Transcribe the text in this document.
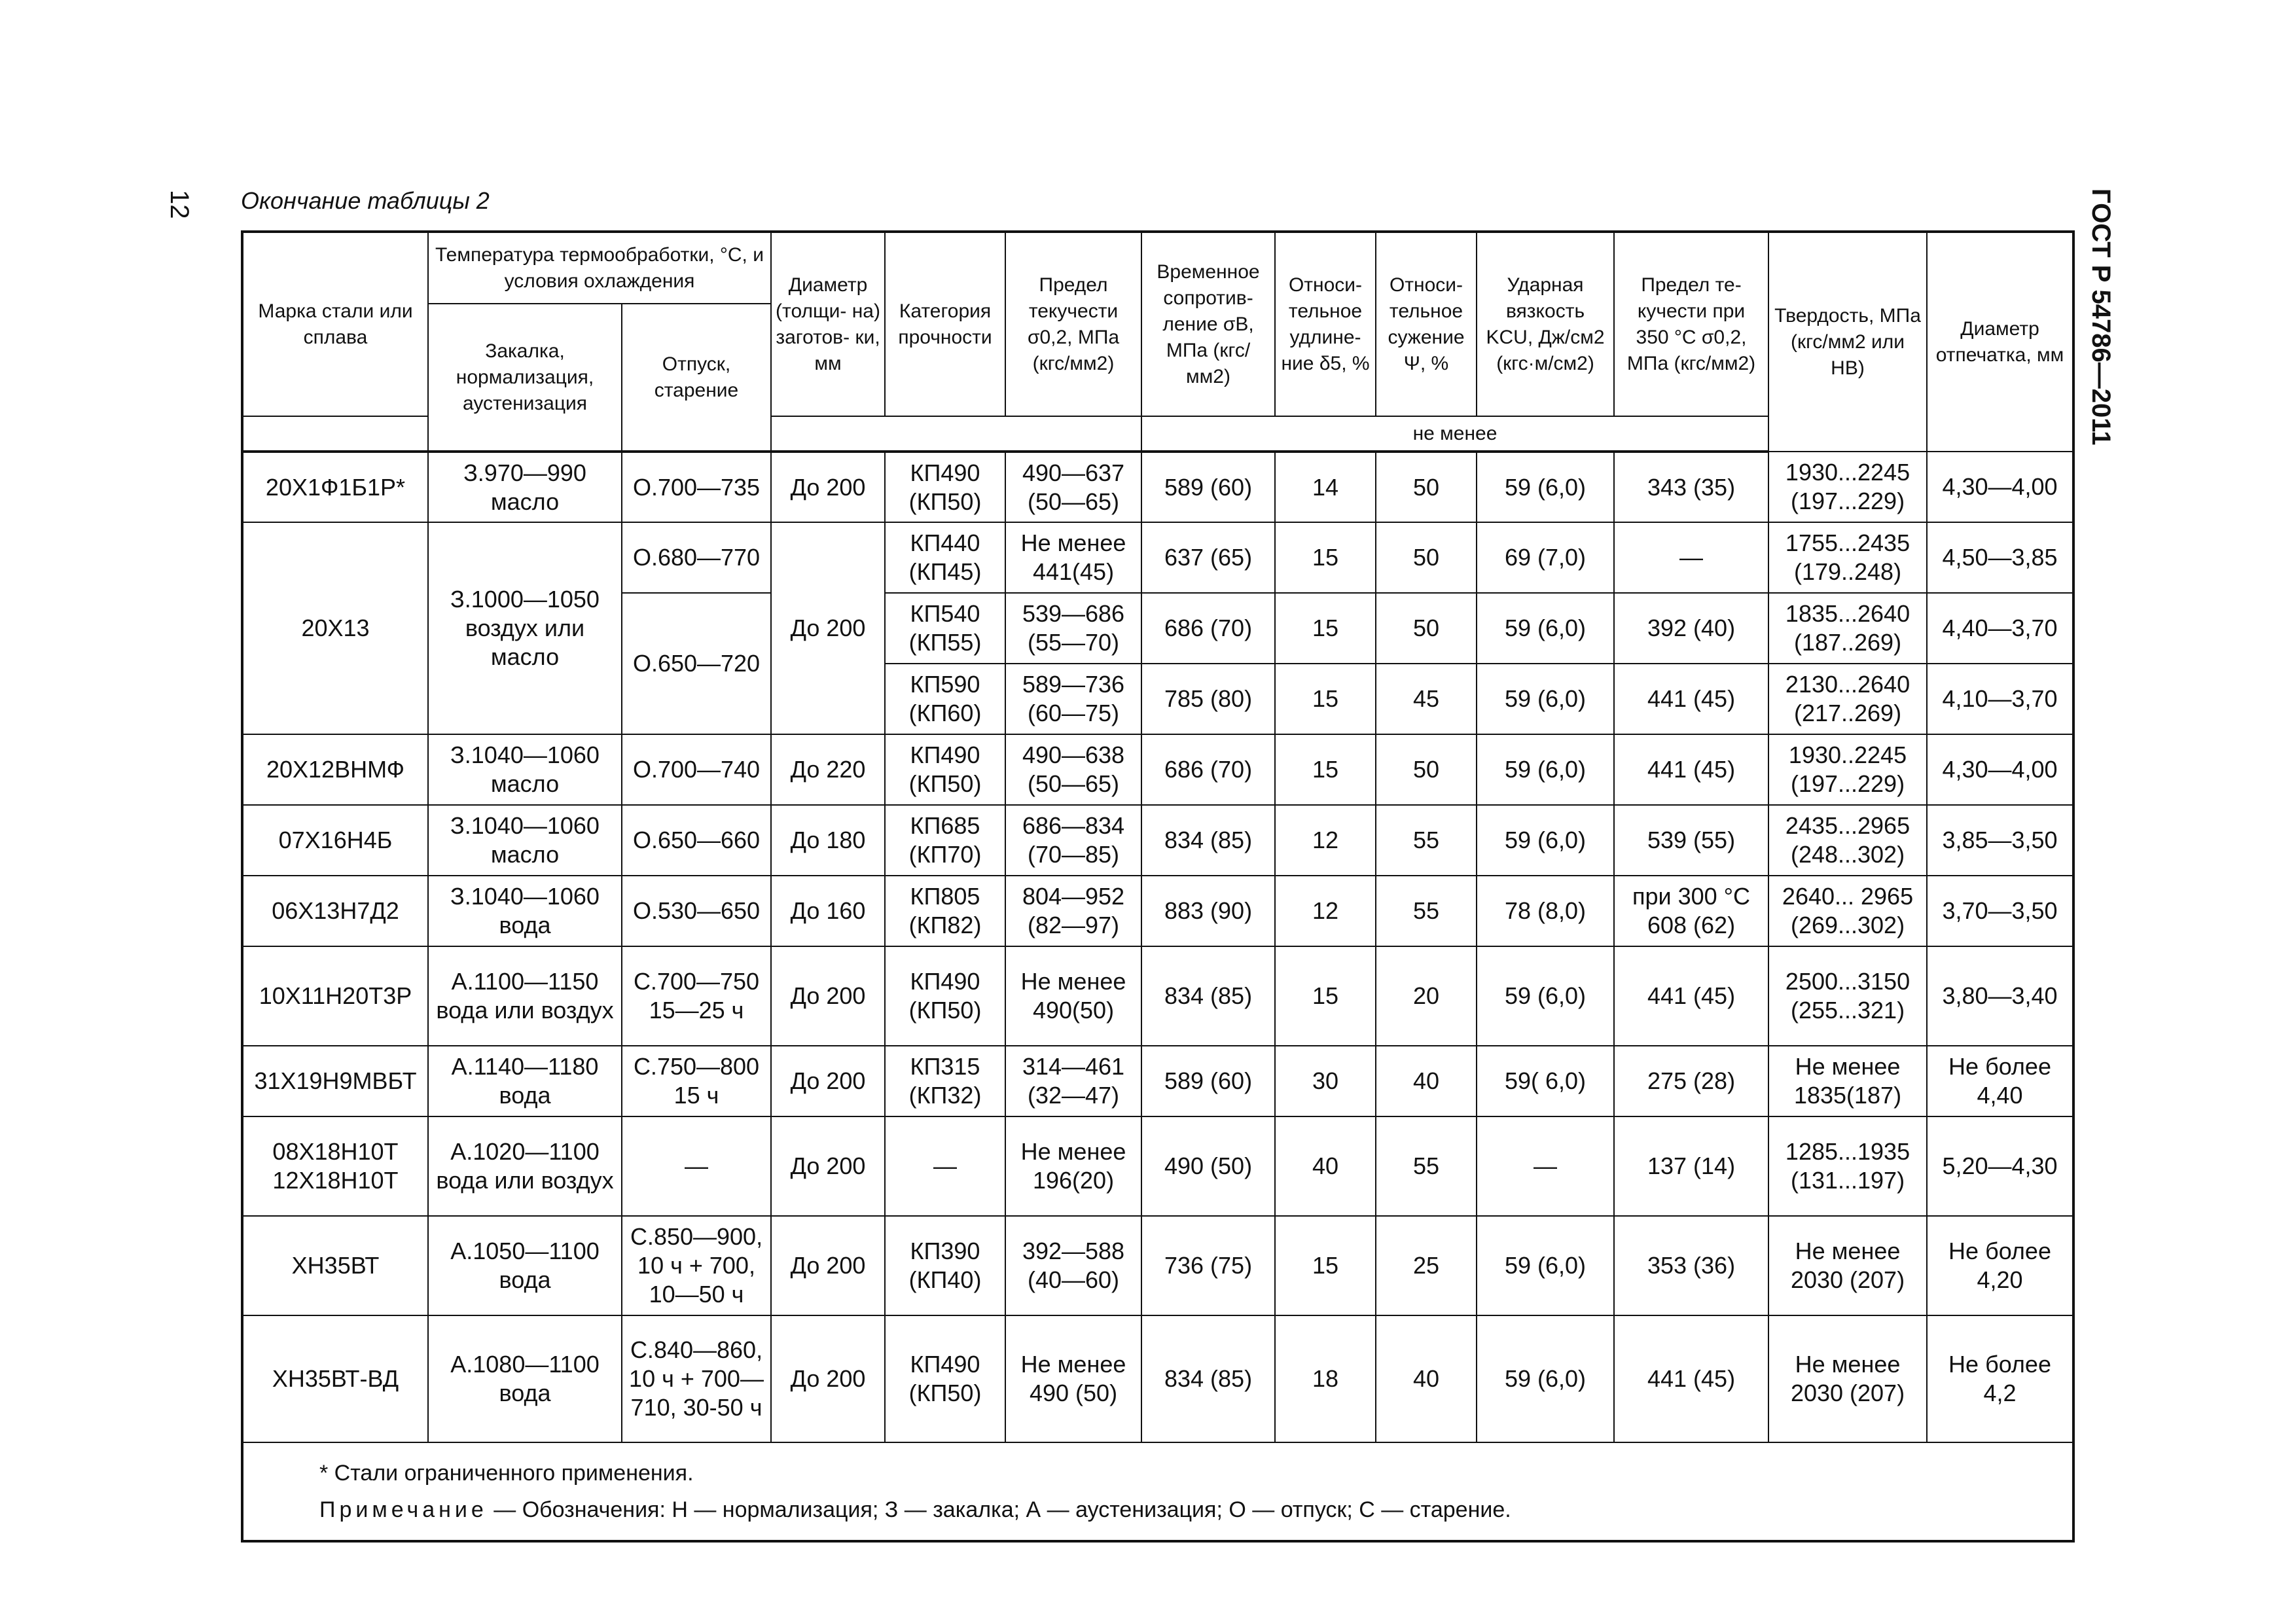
12 Окончание таблицы 2	ГОСТ Р 54786—2011
Марка стали или сплава	Температура термообработки, °C, и условия охлаждения		Диаметр (толщи- на) заготов- ки, мм	Категория прочности	Предел текучести σ0,2, МПа (кгс/мм2)	Временное сопротив- ление σВ, МПа (кгс/мм2)	Относи- тельное удлине- ние δ5, %	Относи- тельное сужение Ψ, %	Ударная вязкость KCU, Дж/см2 (кгс·м/см2)	Предел те- кучести при 350 °C σ0,2, МПа (кгс/мм2)	Твердость, МПа (кгс/мм2 или НВ)	Диаметр отпечатка, мм
	Закалка, нормализация, аустенизация	Отпуск, старение										
						не менее						
20Х1Ф1Б1Р*	З.970—990 масло	О.700—735	До 200	КП490 (КП50)	490—637 (50—65)	589 (60)	14	50	59 (6,0)	343 (35)	1930...2245 (197...229)	4,30—4,00
20Х13	З.1000—1050 воздух или масло	О.680—770	До 200	КП440 (КП45)	Не менее 441(45)	637 (65)	15	50	69 (7,0)	—	1755...2435 (179..248)	4,50—3,85
		О.650—720		КП540 (КП55)	539—686 (55—70)	686 (70)	15	50	59 (6,0)	392 (40)	1835...2640 (187..269)	4,40—3,70
				КП590 (КП60)	589—736 (60—75)	785 (80)	15	45	59 (6,0)	441 (45)	2130...2640 (217..269)	4,10—3,70
20Х12ВНМФ	З.1040—1060 масло	О.700—740	До 220	КП490 (КП50)	490—638 (50—65)	686 (70)	15	50	59 (6,0)	441 (45)	1930..2245 (197...229)	4,30—4,00
07Х16Н4Б	З.1040—1060 масло	О.650—660	До 180	КП685 (КП70)	686—834 (70—85)	834 (85)	12	55	59 (6,0)	539 (55)	2435...2965 (248...302)	3,85—3,50
06Х13Н7Д2	З.1040—1060 вода	О.530—650	До 160	КП805 (КП82)	804—952 (82—97)	883 (90)	12	55	78 (8,0)	при 300 °C 608 (62)	2640... 2965 (269...302)	3,70—3,50
10Х11Н20Т3Р	А.1100—1150 вода или воздух	С.700—750 15—25 ч	До 200	КП490 (КП50)	Не менее 490(50)	834 (85)	15	20	59 (6,0)	441 (45)	2500...3150 (255...321)	3,80—3,40
31Х19Н9МВБТ	А.1140—1180 вода	С.750—800 15 ч	До 200	КП315 (КП32)	314—461 (32—47)	589 (60)	30	40	59( 6,0)	275 (28)	Не менее 1835(187)	Не более 4,40
08Х18Н10Т 12Х18Н10Т	А.1020—1100 вода или воздух	—	До 200	—	Не менее 196(20)	490 (50)	40	55	—	137 (14)	1285...1935 (131...197)	5,20—4,30
ХН35ВТ	А.1050—1100 вода	С.850—900, 10 ч + 700, 10—50 ч	До 200	КП390 (КП40)	392—588 (40—60)	736 (75)	15	25	59 (6,0)	353 (36)	Не менее 2030 (207)	Не более 4,20
ХН35ВТ-ВД	А.1080—1100 вода	С.840—860, 10 ч + 700—710, 30-50 ч	До 200	КП490 (КП50)	Не менее 490 (50)	834 (85)	18	40	59 (6,0)	441 (45)	Не менее 2030 (207)	Не более 4,2

* Стали ограниченного применения.
Примечание — Обозначения: Н — нормализация; З — закалка; А — аустенизация; О — отпуск; С — старение.												
